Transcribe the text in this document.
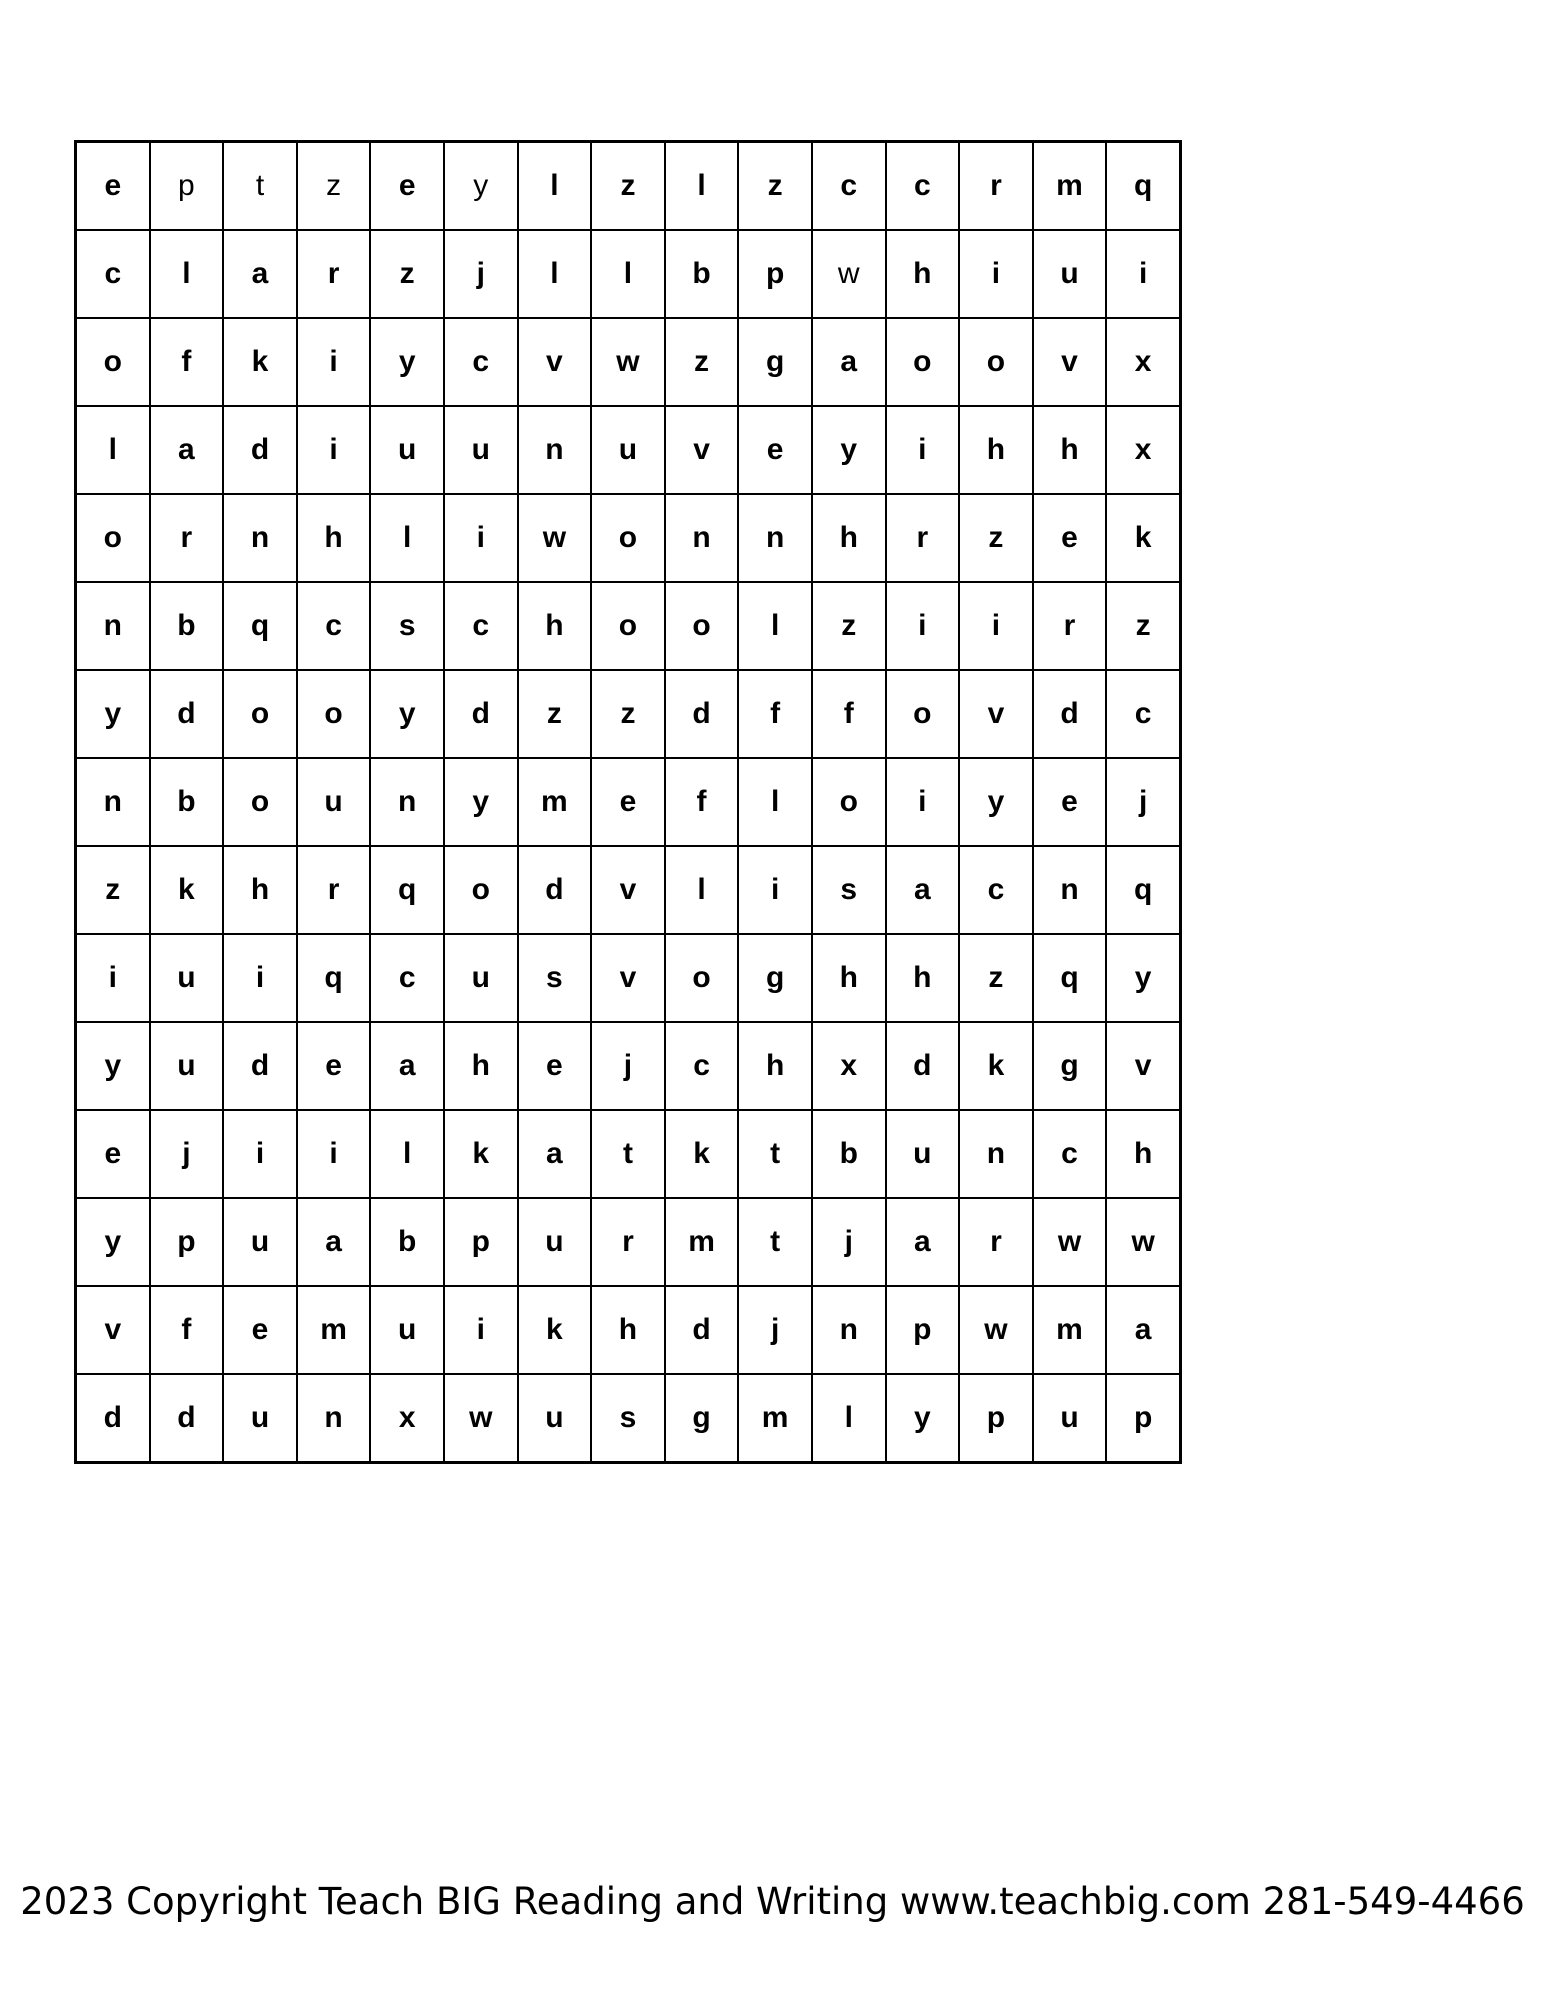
e	p	t	z	e	y	l	z	l	z	c	c	r	m	q
c	l	a	r	z	j	l	l	b	p	w	h	i	u	i
o	f	k	i	y	c	v	w	z	g	a	o	o	v	x
l	a	d	i	u	u	n	u	v	e	y	i	h	h	x
o	r	n	h	l	i	w	o	n	n	h	r	z	e	k
n	b	q	c	s	c	h	o	o	l	z	i	i	r	z
y	d	o	o	y	d	z	z	d	f	f	o	v	d	c
n	b	o	u	n	y	m	e	f	l	o	i	y	e	j
z	k	h	r	q	o	d	v	l	i	s	a	c	n	q
i	u	i	q	c	u	s	v	o	g	h	h	z	q	y
y	u	d	e	a	h	e	j	c	h	x	d	k	g	v
e	j	i	i	l	k	a	t	k	t	b	u	n	c	h
y	p	u	a	b	p	u	r	m	t	j	a	r	w	w
v	f	e	m	u	i	k	h	d	j	n	p	w	m	a
d	d	u	n	x	w	u	s	g	m	l	y	p	u	p
2023 Copyright Teach BIG Reading and Writing www.teachbig.com 281-549-4466
